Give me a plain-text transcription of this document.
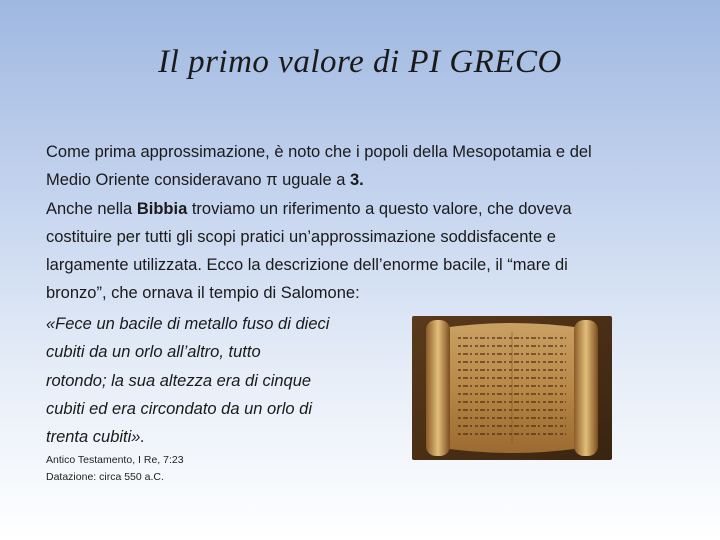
Il primo valore di PI GRECO
Come prima approssimazione, è noto che i popoli della Mesopotamia e del
Medio Oriente consideravano π uguale a 3.
Anche nella Bibbia troviamo un riferimento a questo valore, che doveva
costituire per tutti gli scopi pratici un’approssimazione soddisfacente e
largamente utilizzata. Ecco la descrizione dell’enorme bacile, il “mare di
bronzo”, che ornava il tempio di Salomone:
«Fece un bacile di metallo fuso di dieci
cubiti da un orlo all’altro, tutto
rotondo; la sua altezza era di cinque
cubiti ed era circondato da un orlo di
trenta cubiti».
Antico Testamento, I Re, 7:23
Datazione: circa 550 a.C.
